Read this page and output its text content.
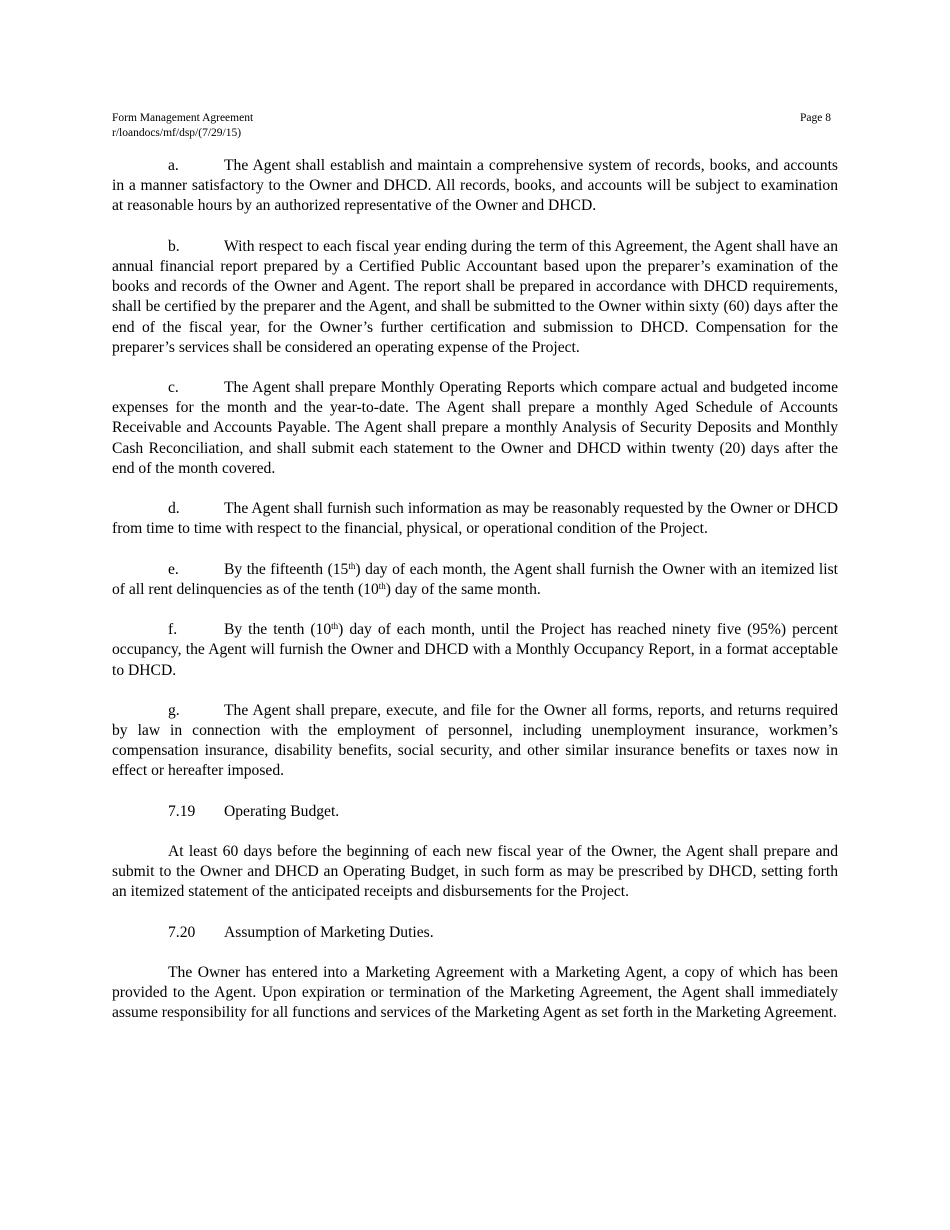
Form Management Agreement
r/loandocs/mf/dsp/(7/29/15)
Page 8

a.	The Agent shall establish and maintain a comprehensive system of records, books, and accounts in a manner satisfactory to the Owner and DHCD. All records, books, and accounts will be subject to examination at reasonable hours by an authorized representative of the Owner and DHCD.

b.	With respect to each fiscal year ending during the term of this Agreement, the Agent shall have an annual financial report prepared by a Certified Public Accountant based upon the preparer’s examination of the books and records of the Owner and Agent. The report shall be prepared in accordance with DHCD requirements, shall be certified by the preparer and the Agent, and shall be submitted to the Owner within sixty (60) days after the end of the fiscal year, for the Owner’s further certification and submission to DHCD. Compensation for the preparer’s services shall be considered an operating expense of the Project.

c.	The Agent shall prepare Monthly Operating Reports which compare actual and budgeted income expenses for the month and the year-to-date. The Agent shall prepare a monthly Aged Schedule of Accounts Receivable and Accounts Payable. The Agent shall prepare a monthly Analysis of Security Deposits and Monthly Cash Reconciliation, and shall submit each statement to the Owner and DHCD within twenty (20) days after the end of the month covered.

d.	The Agent shall furnish such information as may be reasonably requested by the Owner or DHCD from time to time with respect to the financial, physical, or operational condition of the Project.

e.	By the fifteenth (15th) day of each month, the Agent shall furnish the Owner with an itemized list of all rent delinquencies as of the tenth (10th) day of the same month.

f.	By the tenth (10th) day of each month, until the Project has reached ninety five (95%) percent occupancy, the Agent will furnish the Owner and DHCD with a Monthly Occupancy Report, in a format acceptable to DHCD.

g.	The Agent shall prepare, execute, and file for the Owner all forms, reports, and returns required by law in connection with the employment of personnel, including unemployment insurance, workmen’s compensation insurance, disability benefits, social security, and other similar insurance benefits or taxes now in effect or hereafter imposed.

7.19 Operating Budget.

At least 60 days before the beginning of each new fiscal year of the Owner, the Agent shall prepare and submit to the Owner and DHCD an Operating Budget, in such form as may be prescribed by DHCD, setting forth an itemized statement of the anticipated receipts and disbursements for the Project.

7.20 Assumption of Marketing Duties.

The Owner has entered into a Marketing Agreement with a Marketing Agent, a copy of which has been provided to the Agent. Upon expiration or termination of the Marketing Agreement, the Agent shall immediately assume responsibility for all functions and services of the Marketing Agent as set forth in the Marketing Agreement.
